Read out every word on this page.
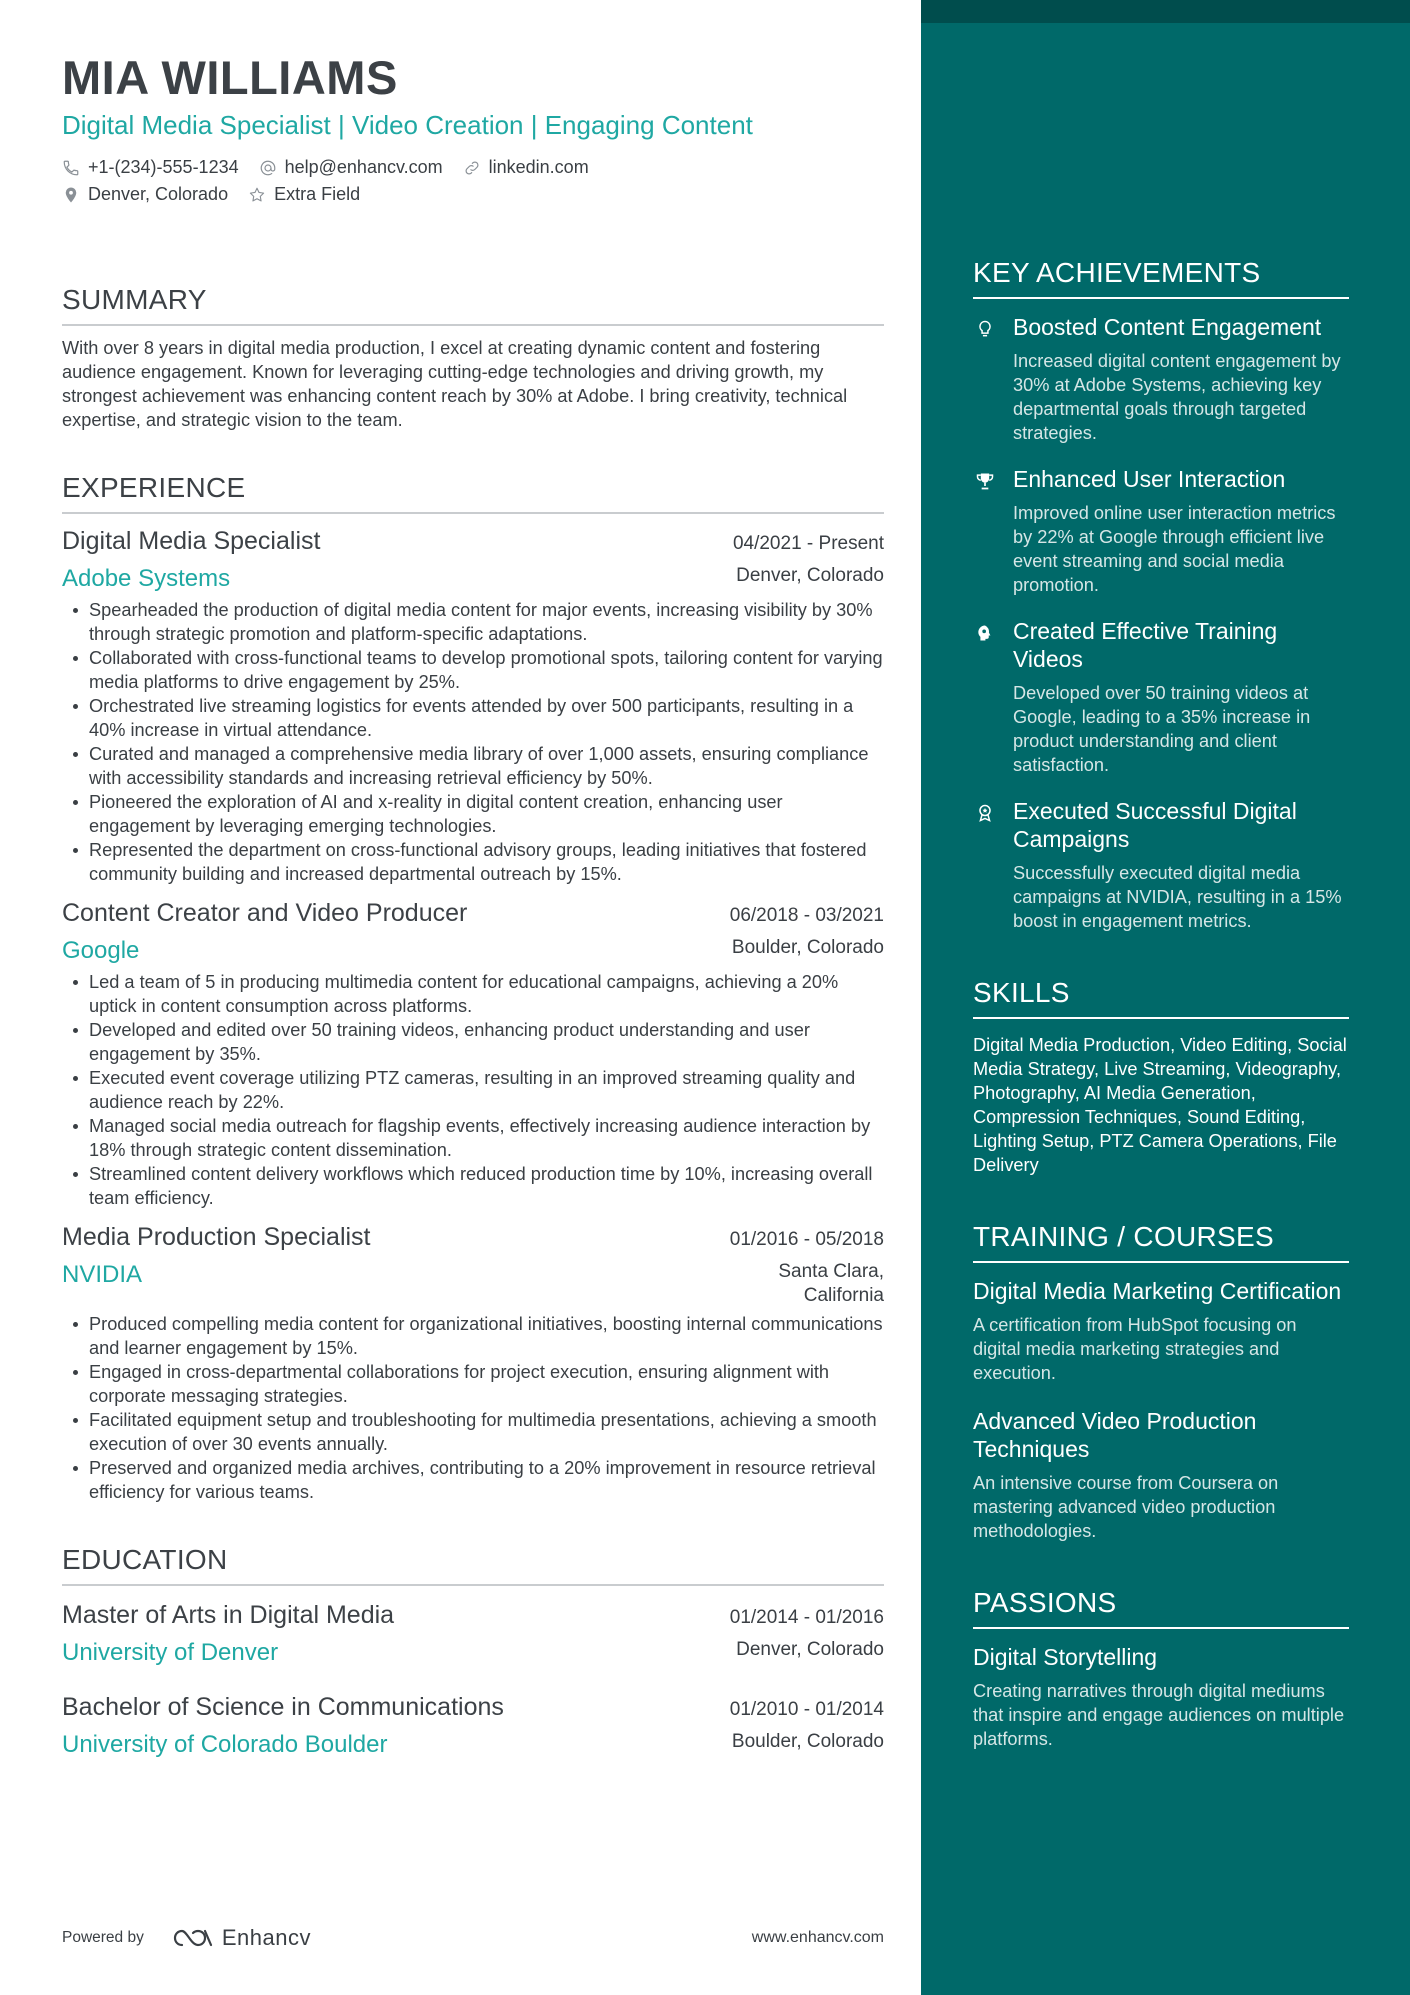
MIA WILLIAMS
Digital Media Specialist | Video Creation | Engaging Content
+1-(234)-555-1234	help@enhancv.com	linkedin.com
Denver, Colorado	Extra Field
SUMMARY
With over 8 years in digital media production, I excel at creating dynamic content and fostering audience engagement. Known for leveraging cutting-edge technologies and driving growth, my strongest achievement was enhancing content reach by 30% at Adobe. I bring creativity, technical expertise, and strategic vision to the team.
EXPERIENCE
Digital Media Specialist	04/2021 - Present
Adobe Systems	Denver, Colorado
Spearheaded the production of digital media content for major events, increasing visibility by 30% through strategic promotion and platform-specific adaptations.
Collaborated with cross-functional teams to develop promotional spots, tailoring content for varying media platforms to drive engagement by 25%.
Orchestrated live streaming logistics for events attended by over 500 participants, resulting in a 40% increase in virtual attendance.
Curated and managed a comprehensive media library of over 1,000 assets, ensuring compliance with accessibility standards and increasing retrieval efficiency by 50%.
Pioneered the exploration of AI and x-reality in digital content creation, enhancing user engagement by leveraging emerging technologies.
Represented the department on cross-functional advisory groups, leading initiatives that fostered community building and increased departmental outreach by 15%.
Content Creator and Video Producer	06/2018 - 03/2021
Google	Boulder, Colorado
Led a team of 5 in producing multimedia content for educational campaigns, achieving a 20% uptick in content consumption across platforms.
Developed and edited over 50 training videos, enhancing product understanding and user engagement by 35%.
Executed event coverage utilizing PTZ cameras, resulting in an improved streaming quality and audience reach by 22%.
Managed social media outreach for flagship events, effectively increasing audience interaction by 18% through strategic content dissemination.
Streamlined content delivery workflows which reduced production time by 10%, increasing overall team efficiency.
Media Production Specialist	01/2016 - 05/2018
NVIDIA	Santa Clara, California
Produced compelling media content for organizational initiatives, boosting internal communications and learner engagement by 15%.
Engaged in cross-departmental collaborations for project execution, ensuring alignment with corporate messaging strategies.
Facilitated equipment setup and troubleshooting for multimedia presentations, achieving a smooth execution of over 30 events annually.
Preserved and organized media archives, contributing to a 20% improvement in resource retrieval efficiency for various teams.
EDUCATION
Master of Arts in Digital Media	01/2014 - 01/2016
University of Denver	Denver, Colorado
Bachelor of Science in Communications	01/2010 - 01/2014
University of Colorado Boulder	Boulder, Colorado
Powered by	Enhancv	www.enhancv.com
KEY ACHIEVEMENTS
Boosted Content Engagement
Increased digital content engagement by 30% at Adobe Systems, achieving key departmental goals through targeted strategies.
Enhanced User Interaction
Improved online user interaction metrics by 22% at Google through efficient live event streaming and social media promotion.
Created Effective Training Videos
Developed over 50 training videos at Google, leading to a 35% increase in product understanding and client satisfaction.
Executed Successful Digital Campaigns
Successfully executed digital media campaigns at NVIDIA, resulting in a 15% boost in engagement metrics.
SKILLS
Digital Media Production, Video Editing, Social Media Strategy, Live Streaming, Videography, Photography, AI Media Generation, Compression Techniques, Sound Editing, Lighting Setup, PTZ Camera Operations, File Delivery
TRAINING / COURSES
Digital Media Marketing Certification
A certification from HubSpot focusing on digital media marketing strategies and execution.
Advanced Video Production Techniques
An intensive course from Coursera on mastering advanced video production methodologies.
PASSIONS
Digital Storytelling
Creating narratives through digital mediums that inspire and engage audiences on multiple platforms.
